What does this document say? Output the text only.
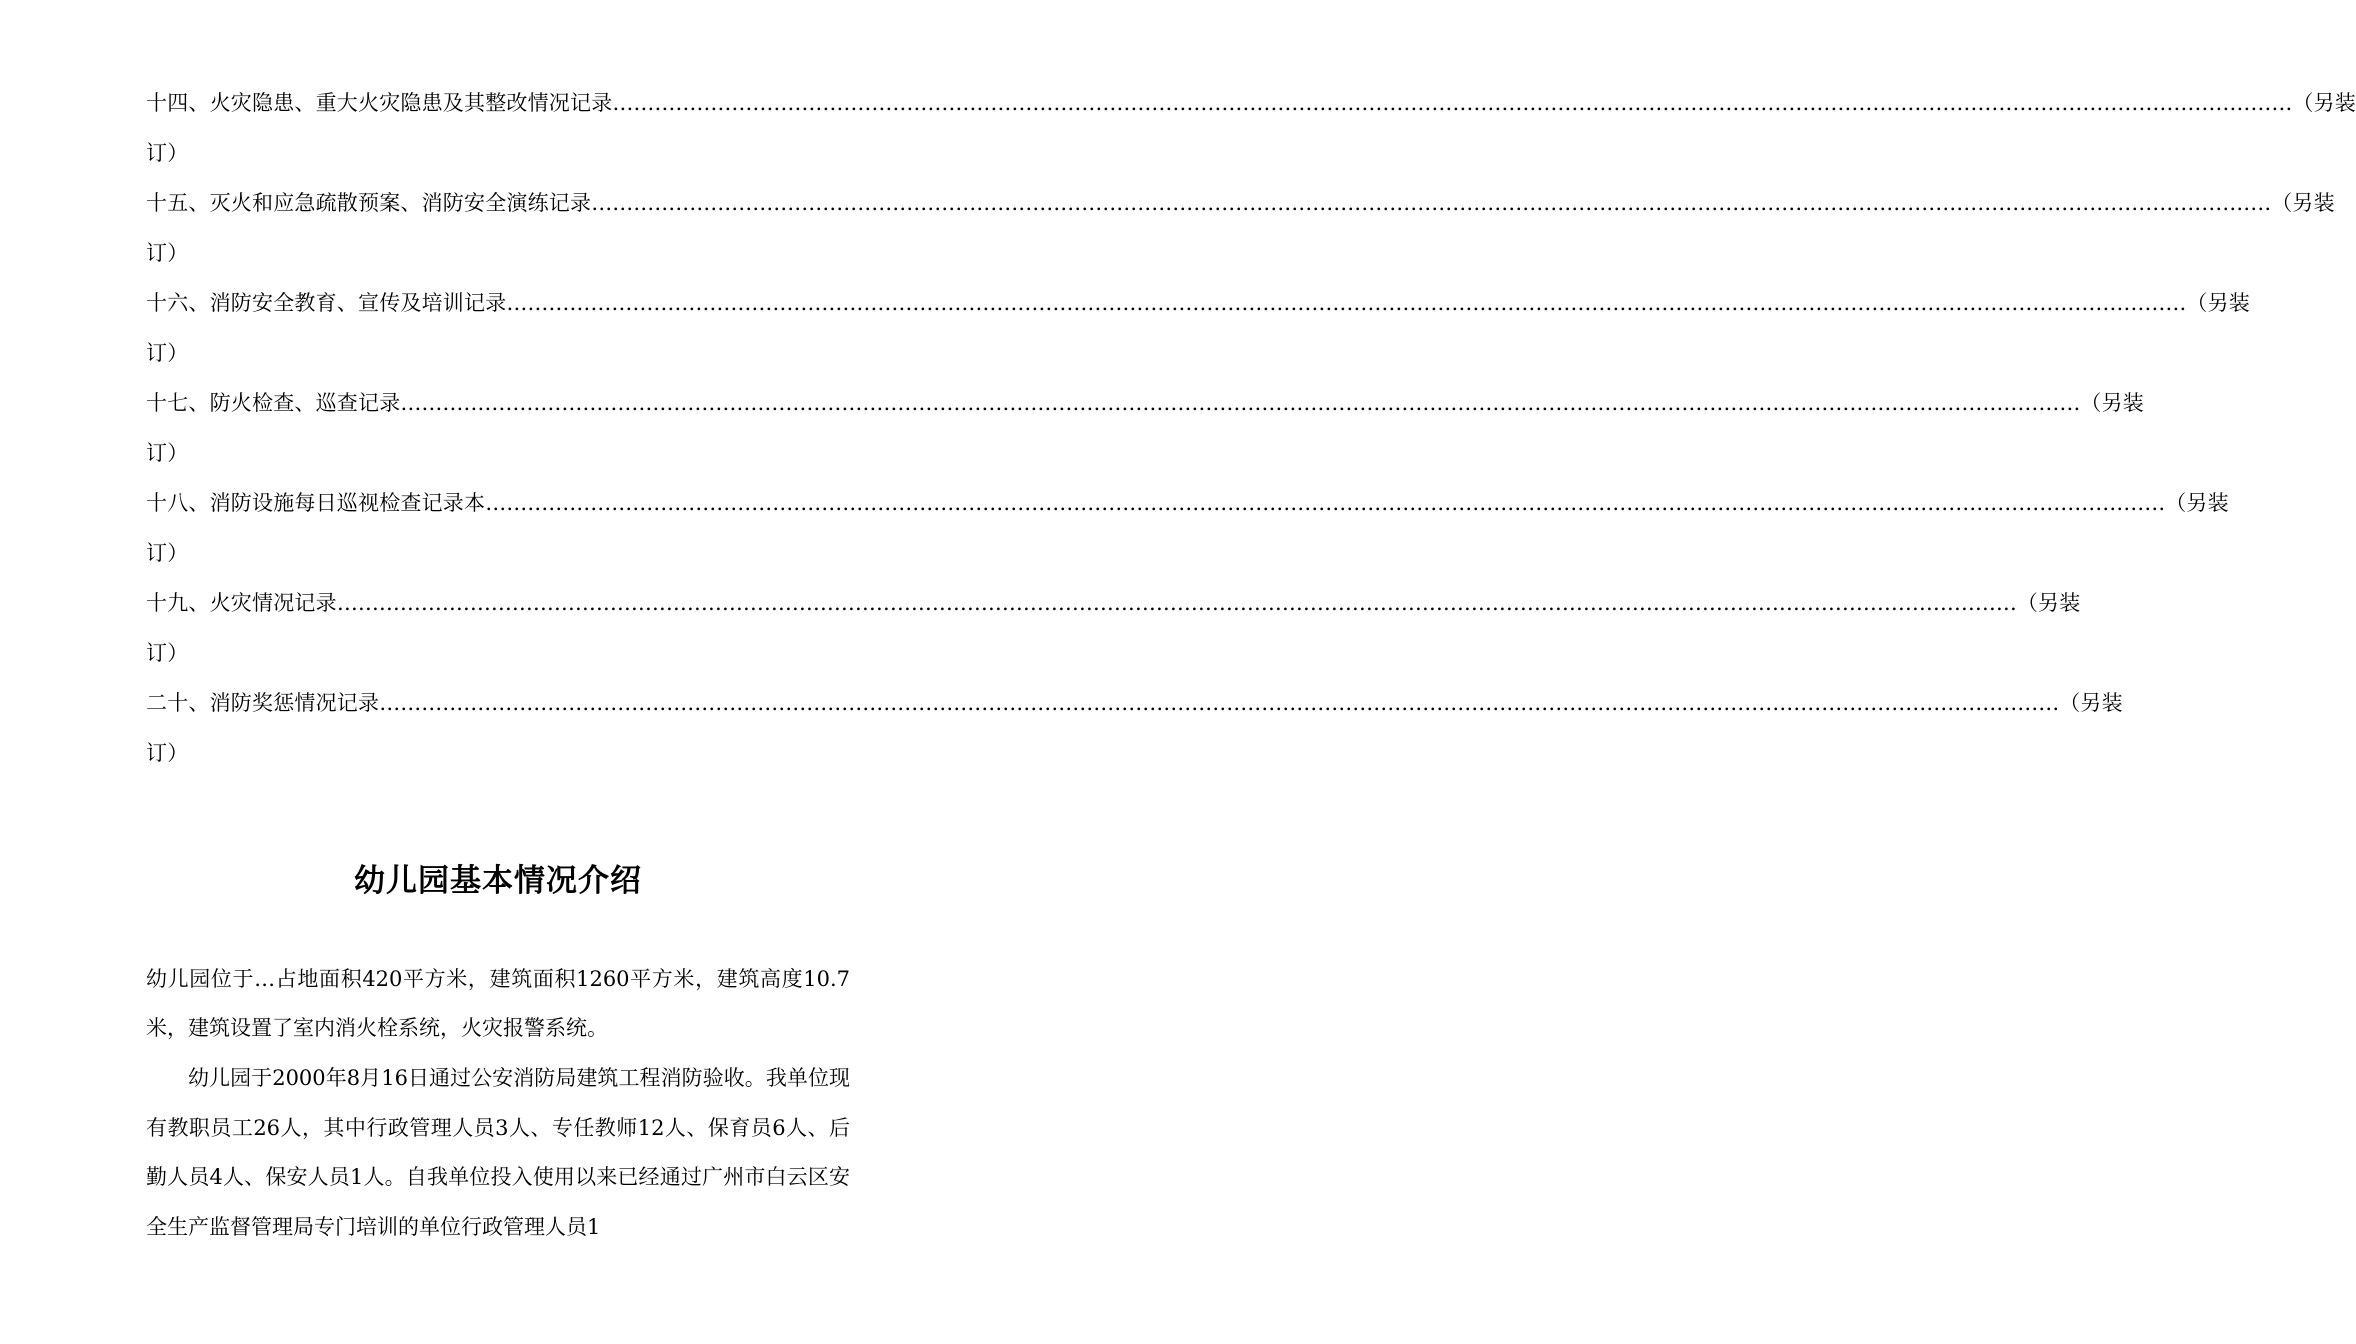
十四、火灾隐患、重大火灾隐患及其整改情况记录 …………………………………………………………………………………………………………………………………………………………………………………………………………………… （另装
订）
十五、灭火和应急疏散预案、消防安全演练记录 …………………………………………………………………………………………………………………………………………………………………………………………………………………… （另装
订）
十六、消防安全教育、宣传及培训记录 …………………………………………………………………………………………………………………………………………………………………………………………………………………… （另装
订）
十七、防火检查、巡查记录 …………………………………………………………………………………………………………………………………………………………………………………………………………………… （另装
订）
十八、消防设施每日巡视检查记录本 …………………………………………………………………………………………………………………………………………………………………………………………………………………… （另装
订）
十九、火灾情况记录 …………………………………………………………………………………………………………………………………………………………………………………………………………………… （另装
订）
二十、消防奖惩情况记录 …………………………………………………………………………………………………………………………………………………………………………………………………………………… （另装
订）
幼儿园基本情况介绍

幼儿园位于…占地面积420平方米，建筑面积1260平方米，建筑高度10.7米，建筑设置了室内消火栓系统，火灾报警系统。

幼儿园于2000年8月16日通过公安消防局建筑工程消防验收。我单位现有教职员工26人，其中行政管理人员3人、专任教师12人、保育员6人、后勤人员4人、保安人员1人。自我单位投入使用以来已经通过广州市白云区安全生产监督管理局专门培训的单位行政管理人员1
